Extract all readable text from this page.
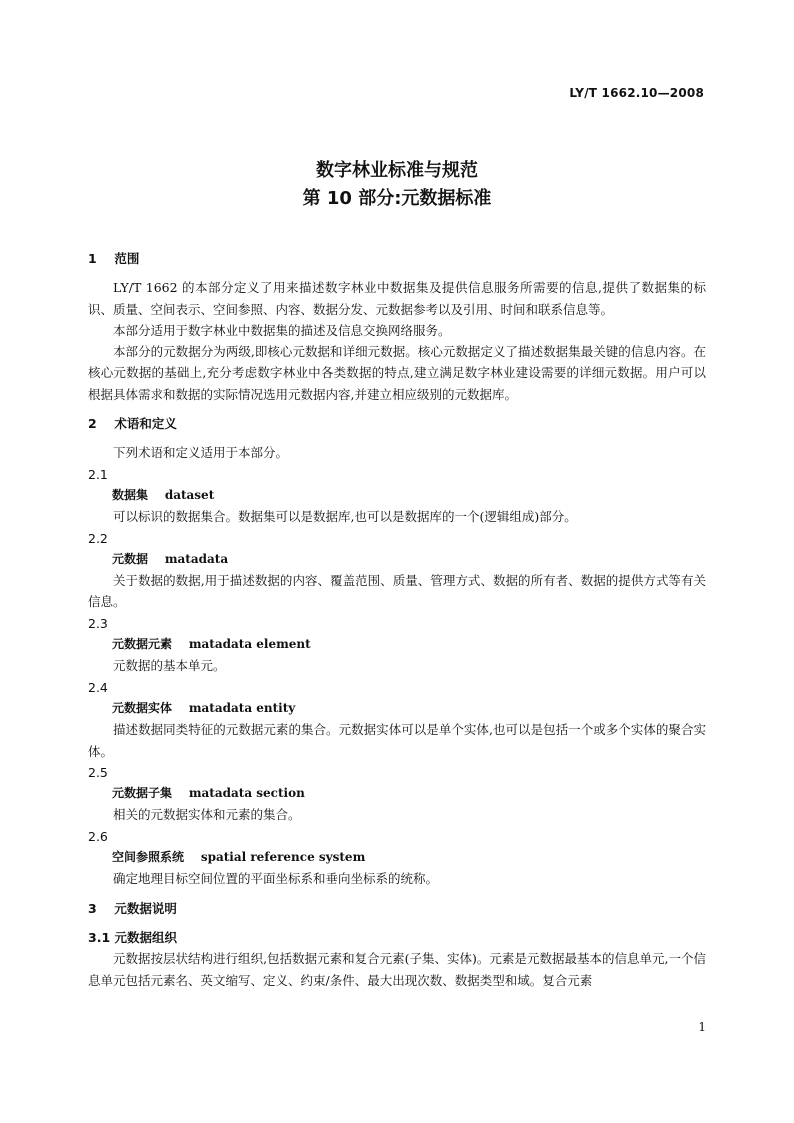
LY/T 1662.10—2008
数字林业标准与规范
第 10 部分:元数据标准

1 范围

LY/T 1662 的本部分定义了用来描述数字林业中数据集及提供信息服务所需要的信息,提供了数据集的标识、质量、空间表示、空间参照、内容、数据分发、元数据参考以及引用、时间和联系信息等。

本部分适用于数字林业中数据集的描述及信息交换网络服务。

本部分的元数据分为两级,即核心元数据和详细元数据。核心元数据定义了描述数据集最关键的信息内容。在核心元数据的基础上,充分考虑数字林业中各类数据的特点,建立满足数字林业建设需要的详细元数据。用户可以根据具体需求和数据的实际情况选用元数据内容,并建立相应级别的元数据库。

2 术语和定义

下列术语和定义适用于本部分。

2.1

数据集 dataset

可以标识的数据集合。数据集可以是数据库,也可以是数据库的一个(逻辑组成)部分。

2.2

元数据 matadata

关于数据的数据,用于描述数据的内容、覆盖范围、质量、管理方式、数据的所有者、数据的提供方式等有关信息。

2.3

元数据元素 matadata element

元数据的基本单元。

2.4

元数据实体 matadata entity

描述数据同类特征的元数据元素的集合。元数据实体可以是单个实体,也可以是包括一个或多个实体的聚合实体。

2.5

元数据子集 matadata section

相关的元数据实体和元素的集合。

2.6

空间参照系统 spatial reference system

确定地理目标空间位置的平面坐标系和垂向坐标系的统称。

3 元数据说明

3.1 元数据组织

元数据按层状结构进行组织,包括数据元素和复合元素(子集、实体)。元素是元数据最基本的信息单元,一个信息单元包括元素名、英文缩写、定义、约束/条件、最大出现次数、数据类型和域。复合元素

1
